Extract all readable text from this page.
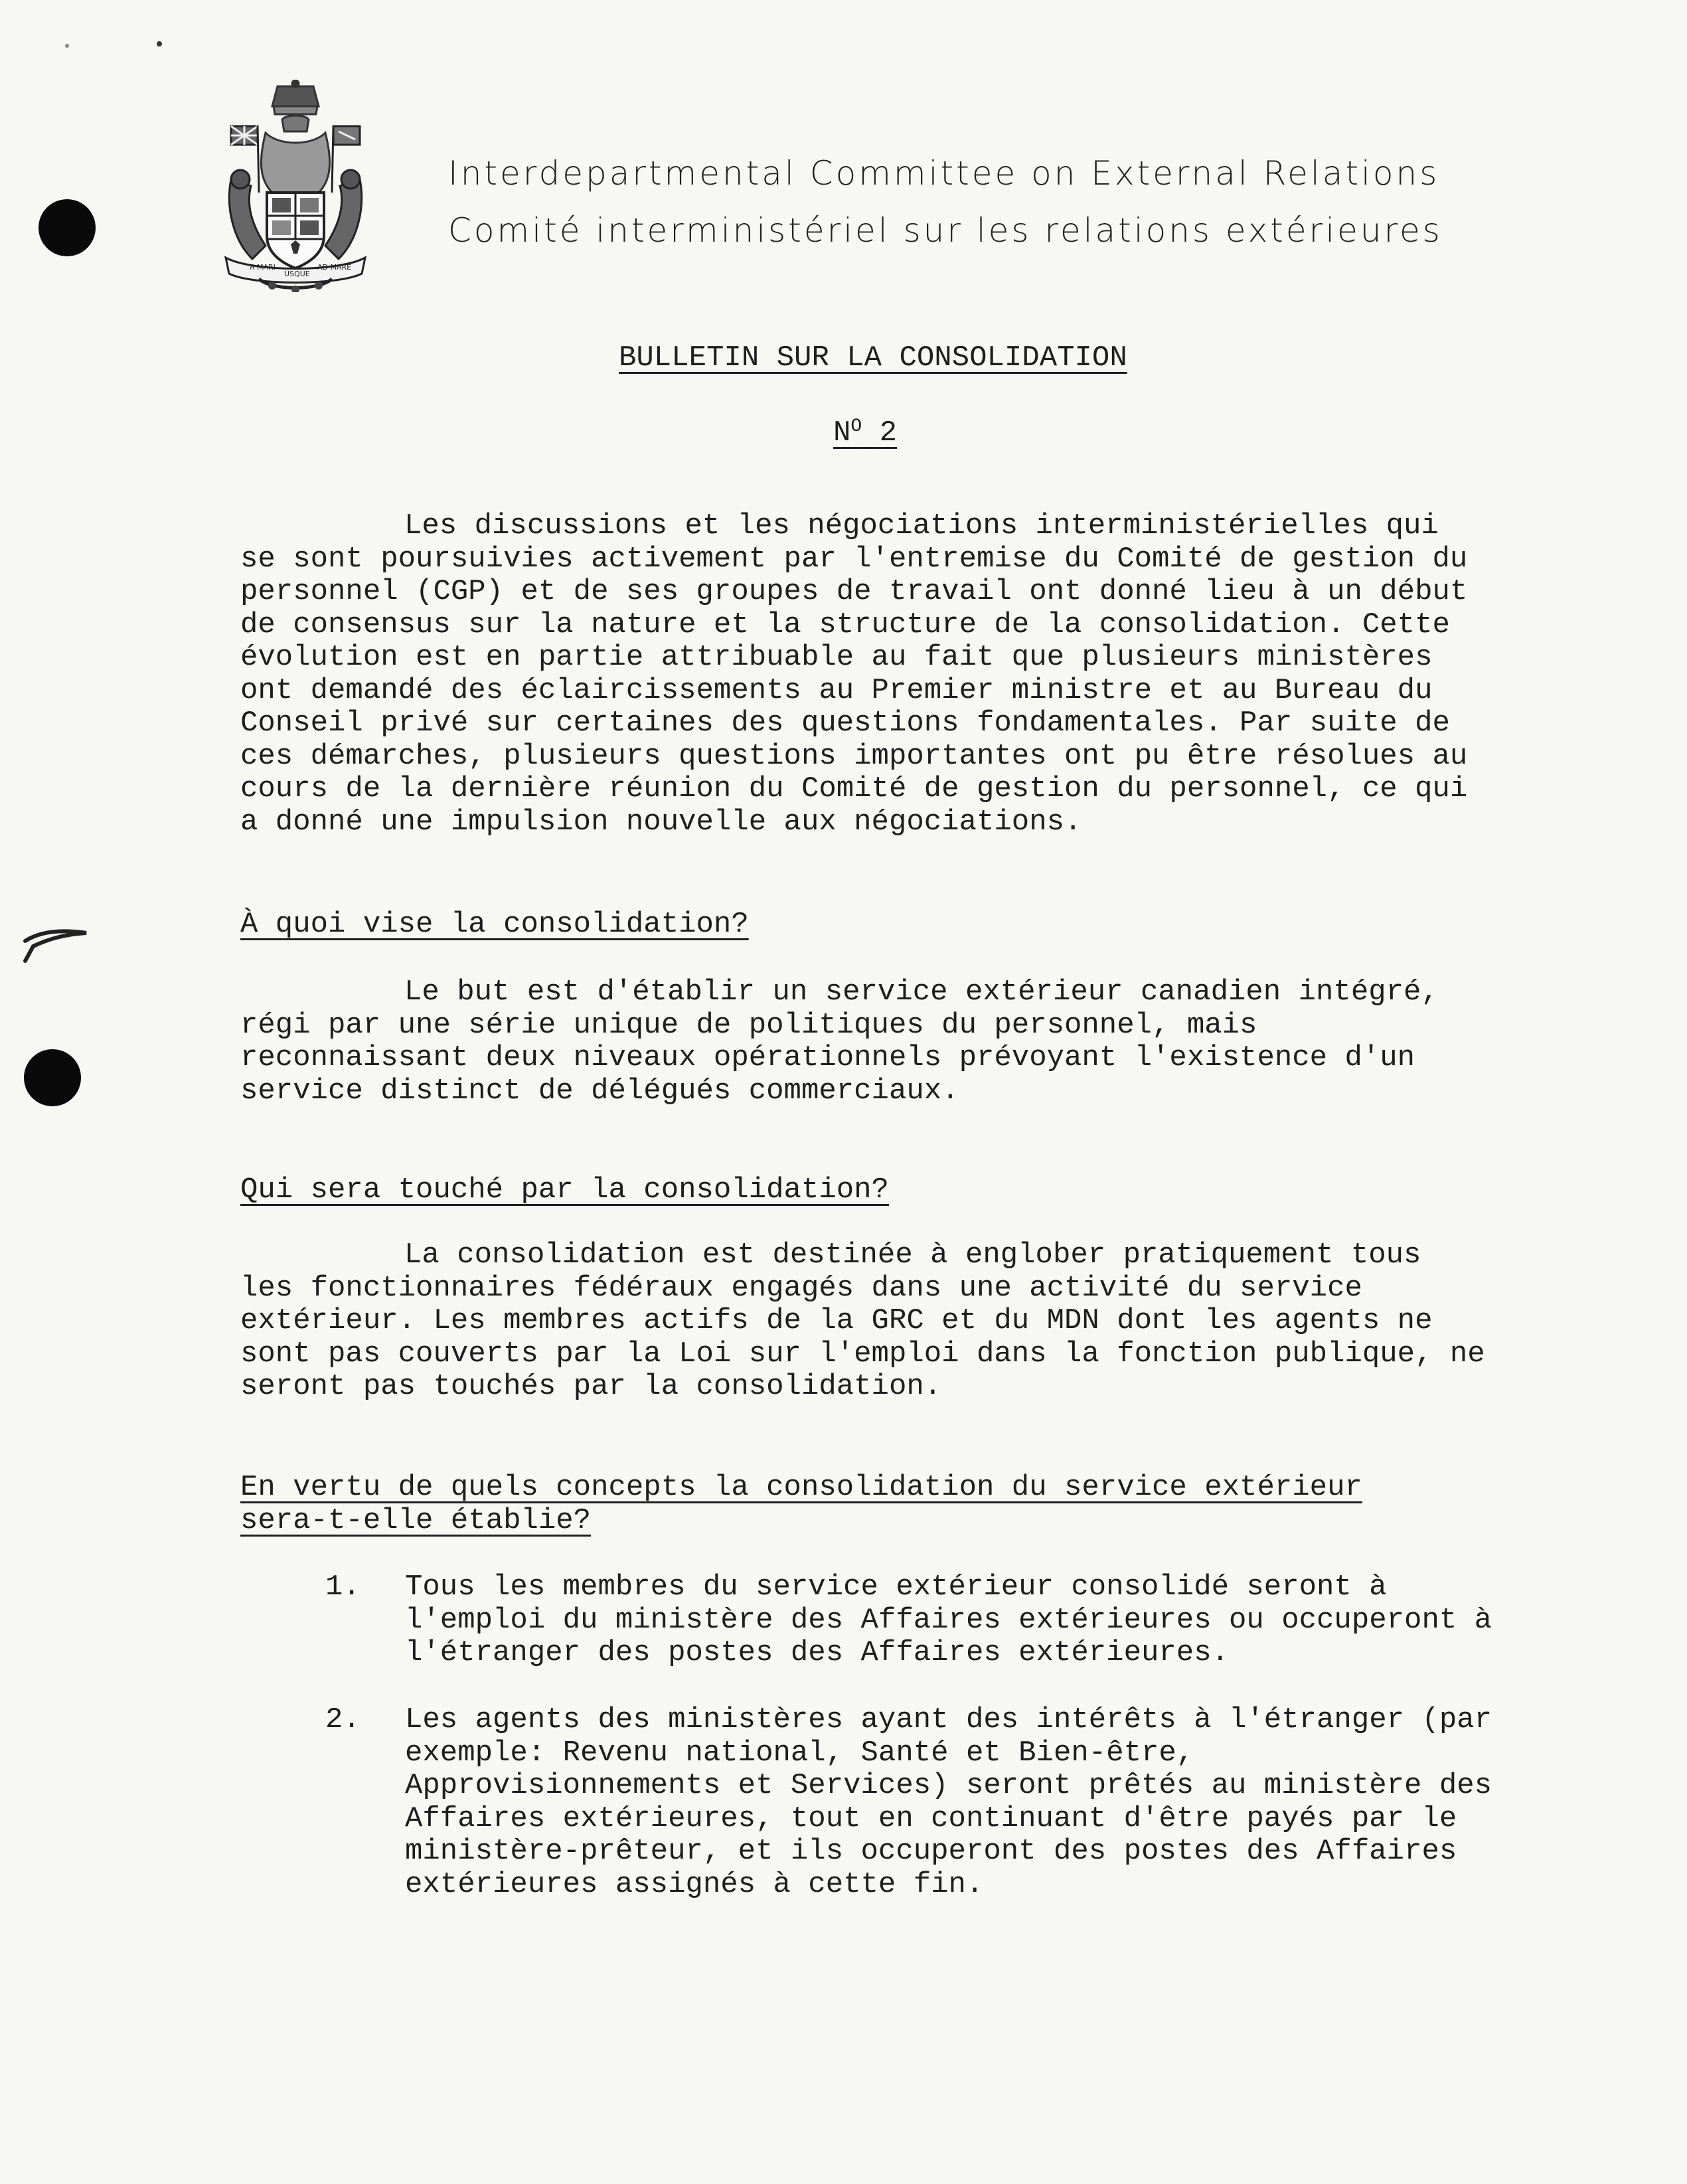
A MARI
USQUE
AD MARE
Interdepartmental Committee on External Relations
Comité interministériel sur les relations extérieures
BULLETIN SUR LA CONSOLIDATION
$N^O$ 2

Les discussions et les négociations interministérielles qui se sont poursuivies activement par l'entremise du Comité de gestion du personnel (CGP) et de ses groupes de travail ont donné lieu à un début de consensus sur la nature et la structure de la consolidation. Cette évolution est en partie attribuable au fait que plusieurs ministères ont demandé des éclaircissements au Premier ministre et au Bureau du Conseil privé sur certaines des questions fondamentales. Par suite de ces démarches, plusieurs questions importantes ont pu être résolues au cours de la dernière réunion du Comité de gestion du personnel, ce qui a donné une impulsion nouvelle aux négociations.

À quoi vise la consolidation?

Le but est d'établir un service extérieur canadien intégré, régi par une série unique de politiques du personnel, mais reconnaissant deux niveaux opérationnels prévoyant l'existence d'un service distinct de délégués commerciaux.

Qui sera touché par la consolidation?

La consolidation est destinée à englober pratiquement tous les fonctionnaires fédéraux engagés dans une activité du service extérieur. Les membres actifs de la GRC et du MDN dont les agents ne sont pas couverts par la Loi sur l'emploi dans la fonction publique, ne seront pas touchés par la consolidation.

En vertu de quels concepts la consolidation du service extérieur
sera-t-elle établie?
1. Tous les membres du service extérieur consolidé seront à l'emploi du ministère des Affaires extérieures ou occuperont à l'étranger des postes des Affaires extérieures.
2. Les agents des ministères ayant des intérêts à l'étranger (par exemple: Revenu national, Santé et Bien-être, Approvisionnements et Services) seront prêtés au ministère des Affaires extérieures, tout en continuant d'être payés par le ministère-prêteur, et ils occuperont des postes des Affaires extérieures assignés à cette fin.
